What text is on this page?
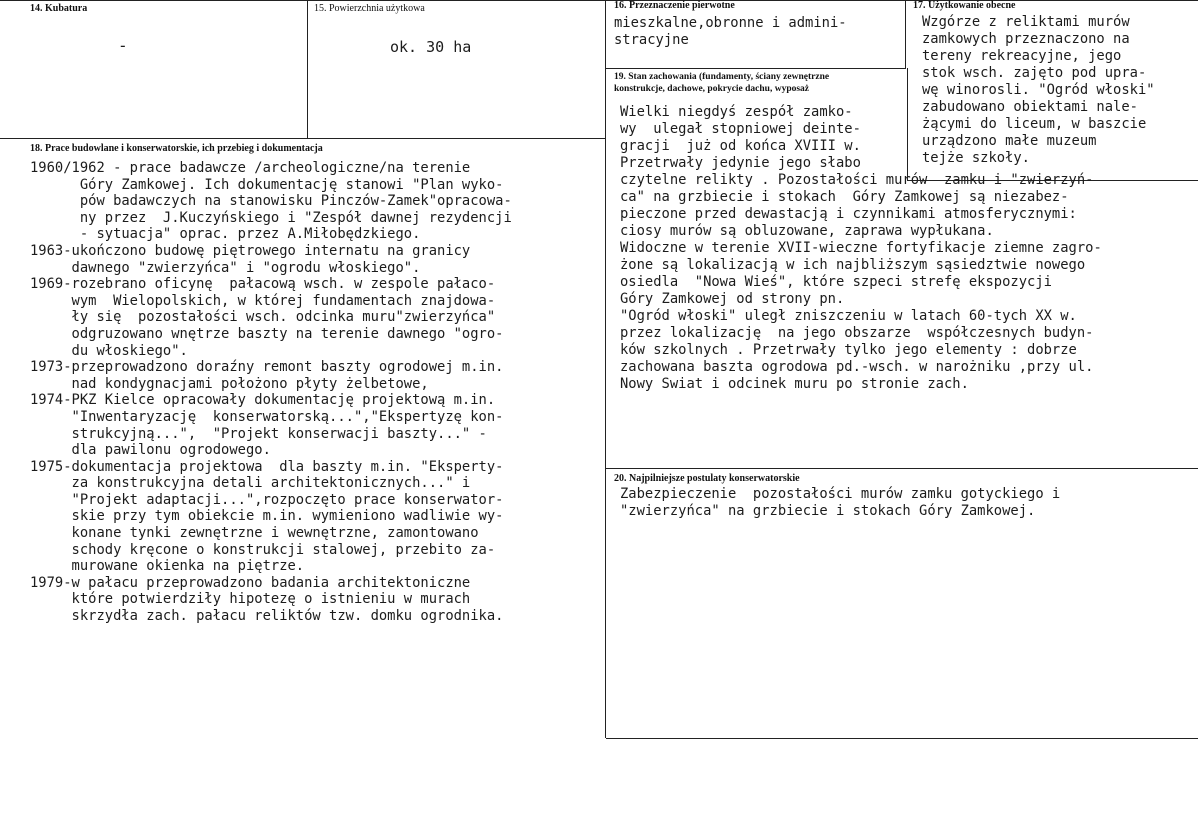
14. Kubatura
-
15. Powierzchnia użytkowa
ok. 30 ha
16. Przeznaczenie pierwotne
mieszkalne,obronne i admini-
stracyjne
17. Użytkowanie obecne
Wzgórze z reliktami murów
zamkowych przeznaczono na
tereny rekreacyjne, jego
stok wsch. zajęto pod upra-
wę winorosli. "Ogród włoski"
zabudowano obiektami nale-
żącymi do liceum, w baszcie
urządzono małe muzeum
tejże szkoły.
18. Prace budowlane i konserwatorskie, ich przebieg i dokumentacja
1960/1962 - prace badawcze /archeologiczne/na terenie
Góry Zamkowej. Ich dokumentację stanowi "Plan wyko-
pów badawczych na stanowisku Pinczów-Zamek"opracowa-
ny przez  J.Kuczyńskiego i "Zespół dawnej rezydencji
- sytuacja" oprac. przez A.Miłobędzkiego.
1963-ukończono budowę piętrowego internatu na granicy
dawnego "zwierzyńca" i "ogrodu włoskiego".
1969-rozebrano oficynę  pałacową wsch. w zespole pałaco-
wym  Wielopolskich, w której fundamentach znajdowa-
ły się  pozostałości wsch. odcinka muru"zwierzyńca"
odgruzowano wnętrze baszty na terenie dawnego "ogro-
du włoskiego".
1973-przeprowadzono doraźny remont baszty ogrodowej m.in.
nad kondygnacjami położono płyty żelbetowe,
1974-PKZ Kielce opracowały dokumentację projektową m.in.
"Inwentaryzację  konserwatorską...","Ekspertyzę kon-
strukcyjną...",  "Projekt konserwacji baszty..." -
dla pawilonu ogrodowego.
1975-dokumentacja projektowa  dla baszty m.in. "Eksperty-
za konstrukcyjna detali architektonicznych..." i
"Projekt adaptacji...",rozpoczęto prace konserwator-
skie przy tym obiekcie m.in. wymieniono wadliwie wy-
konane tynki zewnętrzne i wewnętrzne, zamontowano
schody kręcone o konstrukcji stalowej, przebito za-
murowane okienka na piętrze.
1979-w pałacu przeprowadzono badania architektoniczne
które potwierdziły hipotezę o istnieniu w murach
skrzydła zach. pałacu reliktów tzw. domku ogrodnika.
19. Stan zachowania (fundamenty, ściany zewnętrzne
konstrukcje, dachowe, pokrycie dachu, wyposaż
Wielki niegdyś zespół zamko-
wy  ulegał stopniowej deinte-
gracji  już od końca XVIII w.
Przetrwały jedynie jego słabo
czytelne relikty . Pozostałości murów  zamku i "zwierzyń-
ca" na grzbiecie i stokach  Góry Zamkowej są niezabez-
pieczone przed dewastacją i czynnikami atmosferycznymi:
ciosy murów są obluzowane, zaprawa wypłukana.
Widoczne w terenie XVII-wieczne fortyfikacje ziemne zagro-
żone są lokalizacją w ich najbliższym sąsiedztwie nowego
osiedla  "Nowa Wieś", które szpeci strefę ekspozycji
Góry Zamkowej od strony pn.
"Ogród włoski" uległ zniszczeniu w latach 60-tych XX w.
przez lokalizację  na jego obszarze  współczesnych budyn-
ków szkolnych . Przetrwały tylko jego elementy : dobrze
zachowana baszta ogrodowa pd.-wsch. w narożniku ,przy ul.
Nowy Swiat i odcinek muru po stronie zach.
20. Najpilniejsze postulaty konserwatorskie
Zabezpieczenie  pozostałości murów zamku gotyckiego i
"zwierzyńca" na grzbiecie i stokach Góry Zamkowej.
